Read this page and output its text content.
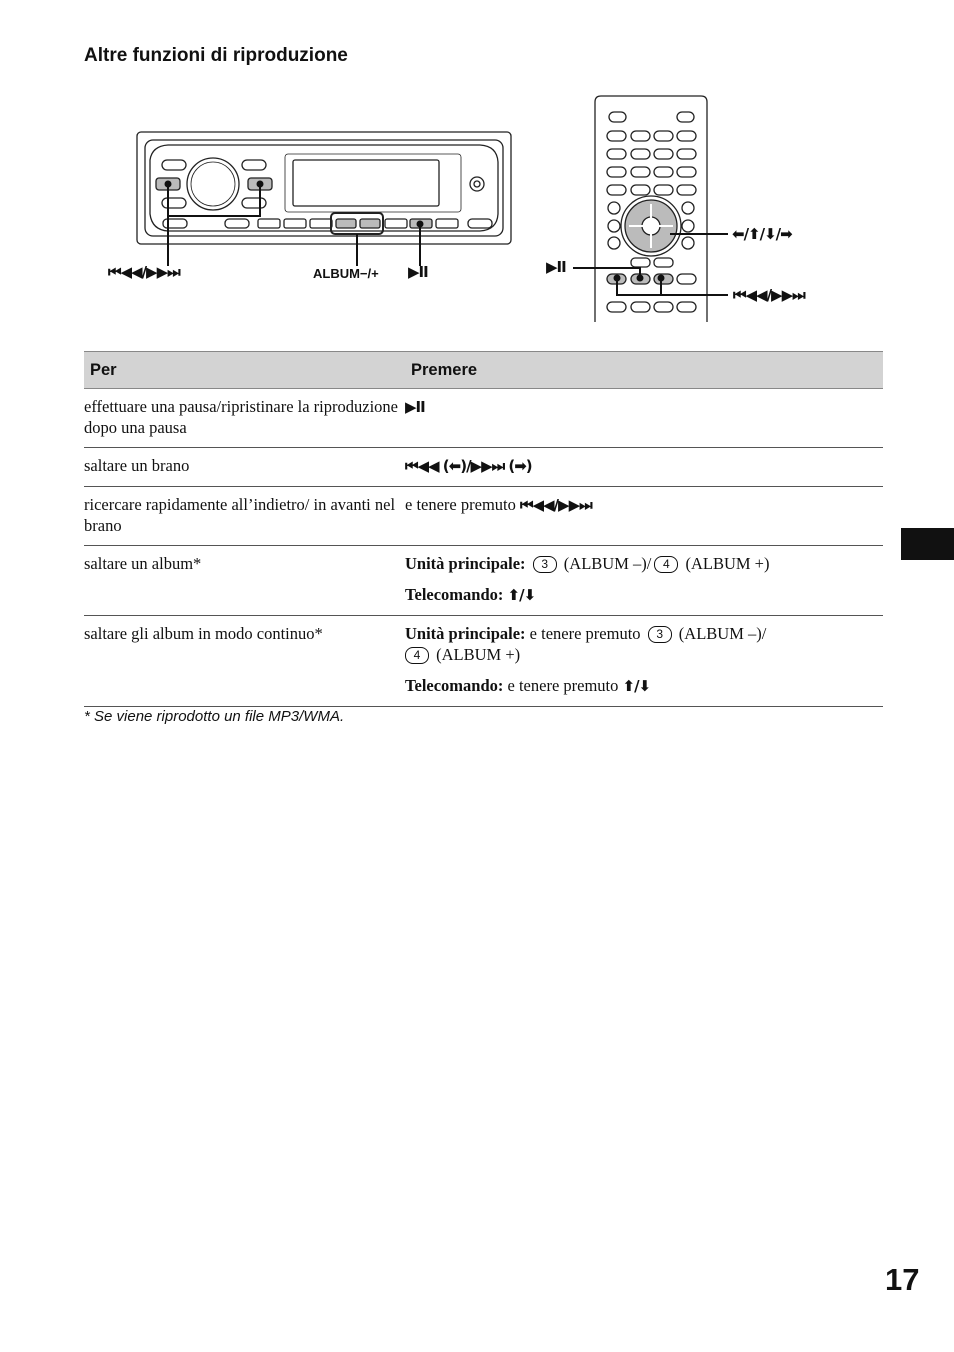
Altre funzioni di riproduzione
⏮◀◀/▶▶⏭	ALBUM−/+ ▶II
⬅/⬆/⬇/➡
▶II
⏮◀◀/▶▶⏭
Per	Premere
effettuare una pausa/ripristinare la riproduzione dopo una pausa	▶II
saltare un brano	⏮◀◀ (⬅)/▶▶⏭ (➡)
ricercare rapidamente all’indietro/ in avanti nel brano	e tenere premuto ⏮◀◀/▶▶⏭
saltare un album*	Unità principale: 3 (ALBUM –)/ 4 (ALBUM +)
Telecomando: ⬆/⬇

saltare gli album in modo continuo*	Unità principale: e tenere premuto 3 (ALBUM –)/
4 (ALBUM +)
Telecomando: e tenere premuto ⬆/⬇
* Se viene riprodotto un file MP3/WMA.
17
